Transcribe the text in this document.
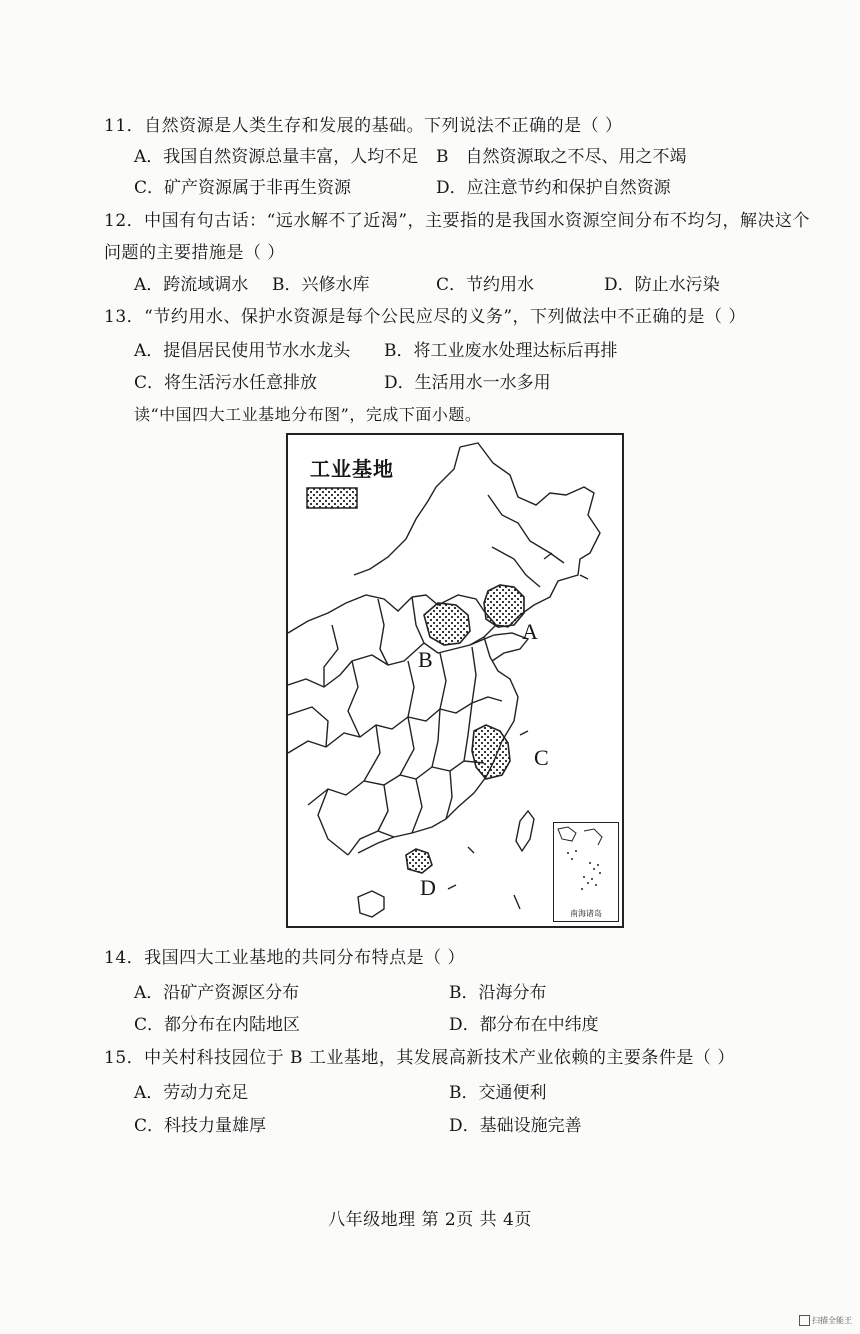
11．自然资源是人类生存和发展的基础。下列说法不正确的是（ ）
A．我国自然资源总量丰富，人均不足 B　自然资源取之不尽、用之不竭
C．矿产资源属于非再生资源	D．应注意节约和保护自然资源
12．中国有句古话：“远水解不了近渴”，主要指的是我国水资源空间分布不均匀，解决这个
问题的主要措施是（ ）
A．跨流域调水 B．兴修水库	C．节约用水	D．防止水污染
13．“节约用水、保护水资源是每个公民应尽的义务”，下列做法中不正确的是（ ）
A．提倡居民使用节水水龙头 B．将工业废水处理达标后再排
C．将生活污水任意排放	D．生活用水一水多用
读“中国四大工业基地分布图”，完成下面小题。
工业基地
A
B
C
D
南海诸岛
14．我国四大工业基地的共同分布特点是（ ）
A．沿矿产资源区分布	B．沿海分布
C．都分布在内陆地区	D．都分布在中纬度
15．中关村科技园位于 B 工业基地，其发展高新技术产业依赖的主要条件是（ ）
A．劳动力充足	B．交通便利
C．科技力量雄厚	D．基础设施完善
八年级地理 第 2页 共 4页
扫描全能王
